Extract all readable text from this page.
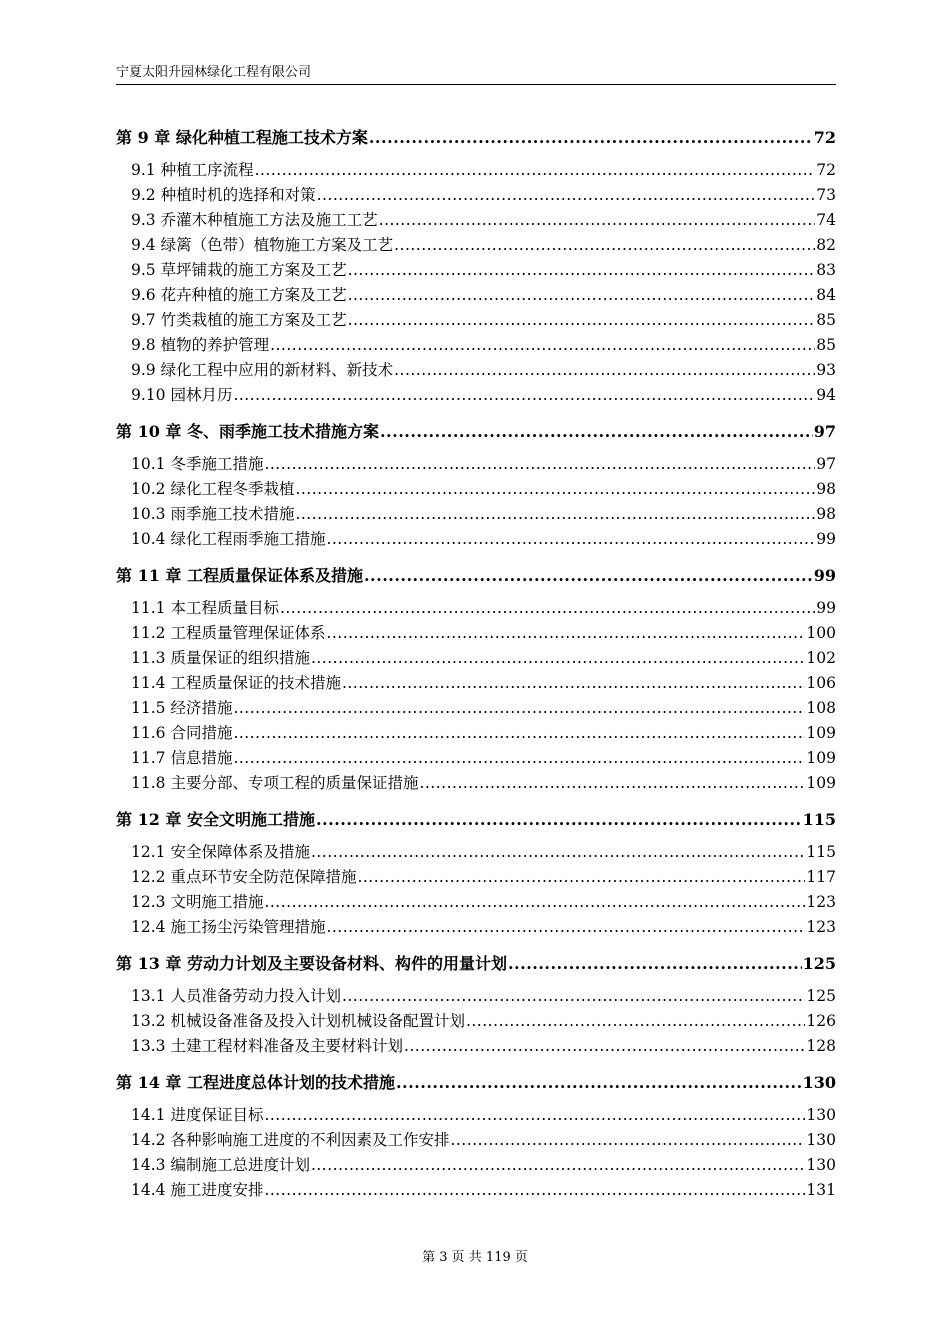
宁夏太阳升园林绿化工程有限公司
第 9 章 绿化种植工程施工技术方案 .....	72
9.1 种植工序流程 .....	72
9.2 种植时机的选择和对策 .....	73
9.3 乔灌木种植施工方法及施工工艺 .....	74
9.4 绿篱（色带）植物施工方案及工艺 .....	82
9.5 草坪铺栽的施工方案及工艺 .....	83
9.6 花卉种植的施工方案及工艺 .....	84
9.7 竹类栽植的施工方案及工艺 .....	85
9.8 植物的养护管理 .....	85
9.9 绿化工程中应用的新材料、新技术 .....	93
9.10 园林月历 .....	94
第 10 章 冬、雨季施工技术措施方案 .....	97
10.1 冬季施工措施 .....	97
10.2 绿化工程冬季栽植 .....	98
10.3 雨季施工技术措施 .....	98
10.4 绿化工程雨季施工措施 .....	99
第 11 章 工程质量保证体系及措施 .....	99
11.1 本工程质量目标 .....	99
11.2 工程质量管理保证体系 .....	100
11.3 质量保证的组织措施 .....	102
11.4 工程质量保证的技术措施 .....	106
11.5 经济措施 .....	108
11.6 合同措施 .....	109
11.7 信息措施 .....	109
11.8 主要分部、专项工程的质量保证措施 .....	109
第 12 章 安全文明施工措施 .....	115
12.1 安全保障体系及措施 .....	115
12.2 重点环节安全防范保障措施 .....	117
12.3 文明施工措施 .....	123
12.4 施工扬尘污染管理措施 .....	123
第 13 章 劳动力计划及主要设备材料、构件的用量计划 .....	125
13.1 人员准备劳动力投入计划 .....	125
13.2 机械设备准备及投入计划机械设备配置计划 .....	126
13.3 土建工程材料准备及主要材料计划 .....	128
第 14 章 工程进度总体计划的技术措施 .....	130
14.1 进度保证目标 .....	130
14.2 各种影响施工进度的不利因素及工作安排 .....	130
14.3 编制施工总进度计划 .....	130
14.4 施工进度安排 .....	131
第 3 页 共 119 页
